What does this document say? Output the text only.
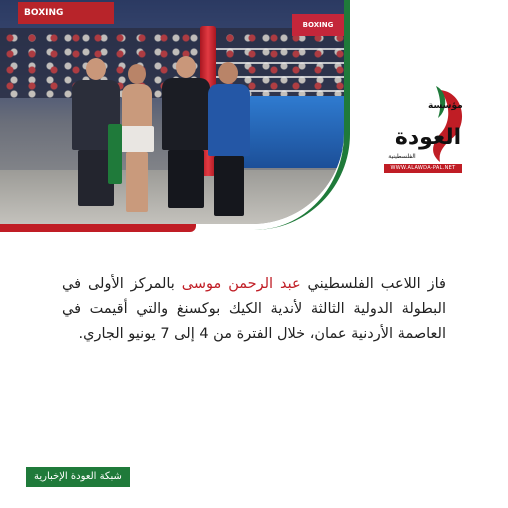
BOXING
BOXING
مؤسسة
العودة
الفلسطينية
WWW.ALAWDA-PAL.NET

فاز اللاعب الفلسطيني عبد الرحمن موسى بالمركز الأولى في البطولة الدولية الثالثة لأندية الكيك بوكسنغ والتي أقيمت في العاصمة الأردنية عمان، خلال الفترة من 4 إلى 7 يونيو الجاري.

شبكة العودة الإخبارية
